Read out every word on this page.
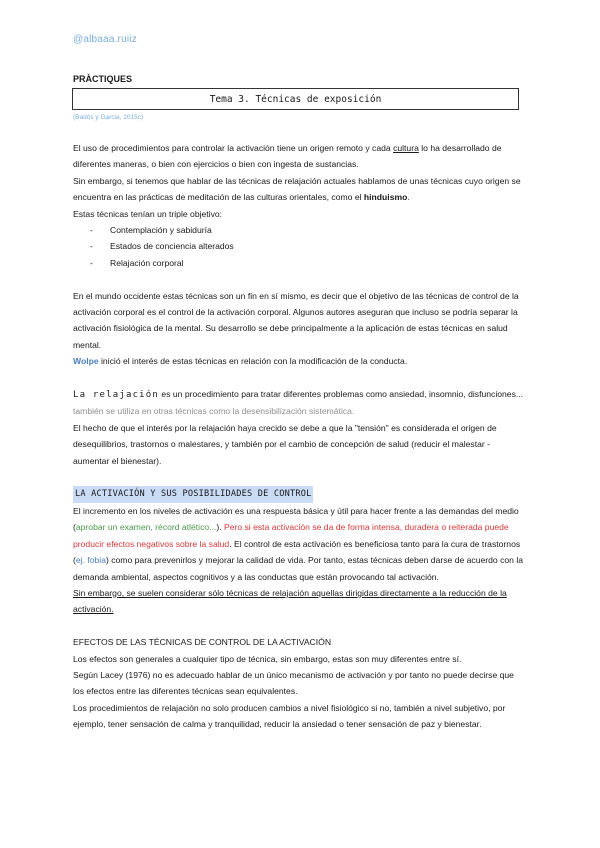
@albaaa.ruiiz
PRÀCTIQUES
Tema 3. Técnicas de exposición
(Badós y Garcia, 2015c)

El uso de procedimientos para controlar la activación tiene un origen remoto y cada cultura lo ha desarrollado de diferentes maneras, o bien con ejercicios o bien con ingesta de sustancias.

Sin embargo, si tenemos que hablar de las técnicas de relajación actuales hablamos de unas técnicas cuyo origen se encuentra en las prácticas de meditación de las culturas orientales, como el hinduismo.

Estas técnicas tenían un triple objetivo:

- Contemplación y sabiduría
- Estados de conciencia alterados
- Relajación corporal

En el mundo occidente estas técnicas son un fin en sí mismo, es decir que el objetivo de las técnicas de control de la activación corporal es el control de la activación corporal. Algunos autores aseguran que incluso se podría separar la activación fisiológica de la mental. Su desarrollo se debe principalmente a la aplicación de estas técnicas en salud mental.

Wolpe inició el interés de estas técnicas en relación con la modificación de la conducta.

La relajación es un procedimiento para tratar diferentes problemas como ansiedad, insomnio, disfunciones... también se utiliza en otras técnicas como la desensibilización sistemática.

El hecho de que el interés por la relajación haya crecido se debe a que la "tensión" es considerada el origen de desequilibrios, trastornos o malestares, y también por el cambio de concepción de salud (reducir el malestar - aumentar el bienestar).

LA ACTIVACIÓN Y SUS POSIBILIDADES DE CONTROL

El incremento en los niveles de activación es una respuesta básica y útil para hacer frente a las demandas del medio (aprobar un examen, récord atlético...). Pero si esta activación se da de forma intensa, duradera o reiterada puede producir efectos negativos sobre la salud. El control de esta activación es beneficiosa tanto para la cura de trastornos (ej. fobia) como para prevenirlos y mejorar la calidad de vida. Por tanto, estas técnicas deben darse de acuerdo con la demanda ambiental, aspectos cognitivos y a las conductas que están provocando tal activación.

Sin embargo, se suelen considerar sólo técnicas de relajación aquellas dirigidas directamente a la reducción de la activación.

EFECTOS DE LAS TÉCNICAS DE CONTROL DE LA ACTIVACIÓN

Los efectos son generales a cualquier tipo de técnica, sin embargo, estas son muy diferentes entre sí.

Según Lacey (1976) no es adecuado hablar de un único mecanismo de activación y por tanto no puede decirse que los efectos entre las diferentes técnicas sean equivalentes.

Los procedimientos de relajación no solo producen cambios a nivel fisiológico si no, también a nivel subjetivo, por ejemplo, tener sensación de calma y tranquilidad, reducir la ansiedad o tener sensación de paz y bienestar.
